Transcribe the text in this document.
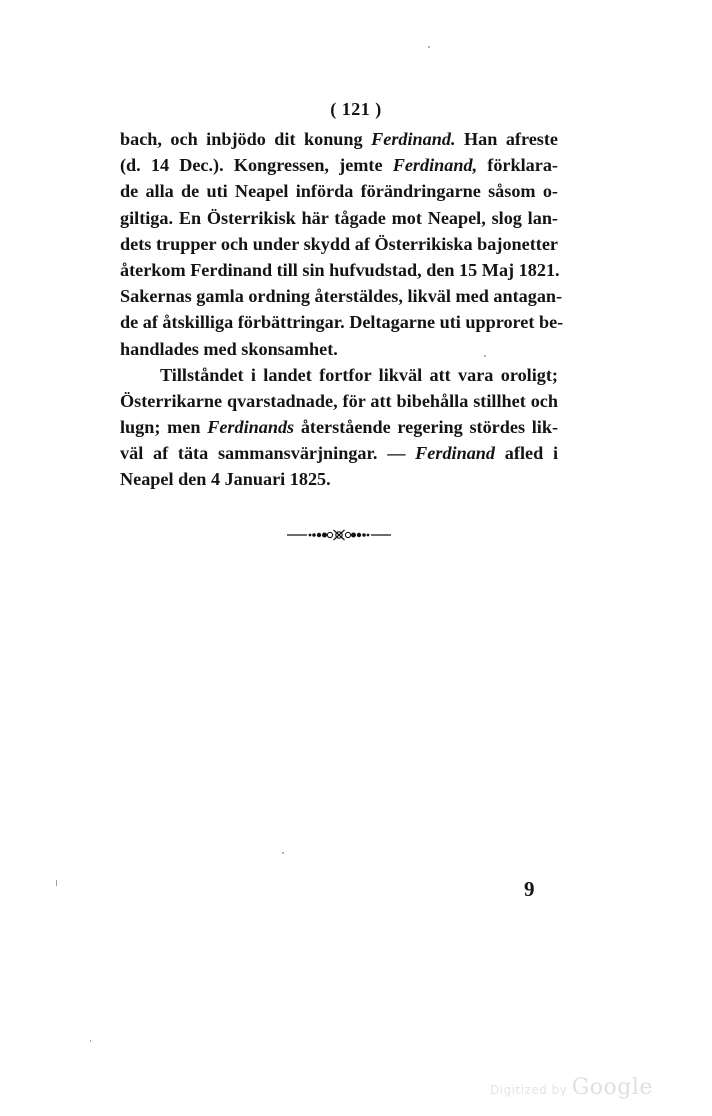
( 121 )
bach, och inbjödo dit konung Ferdinand. Han afreste
(d. 14 Dec.). Kongressen, jemte Ferdinand, förklara-
de alla de uti Neapel införda förändringarne såsom o-
giltiga. En Österrikisk här tågade mot Neapel, slog lan-
dets trupper och under skydd af Österrikiska bajonetter
återkom Ferdinand till sin hufvudstad, den 15 Maj 1821.
Sakernas gamla ordning återstäldes, likväl med antagan-
de af åtskilliga förbättringar. Deltagarne uti upproret be-
handlades med skonsamhet.
Tillståndet i landet fortfor likväl att vara oroligt;
Österrikarne qvarstadnade, för att bibehålla stillhet och
lugn; men Ferdinands återstående regering stördes lik-
väl af täta sammansvärjningar. — Ferdinand afled i
Neapel den 4 Januari 1825.
9
Digitized by Google
